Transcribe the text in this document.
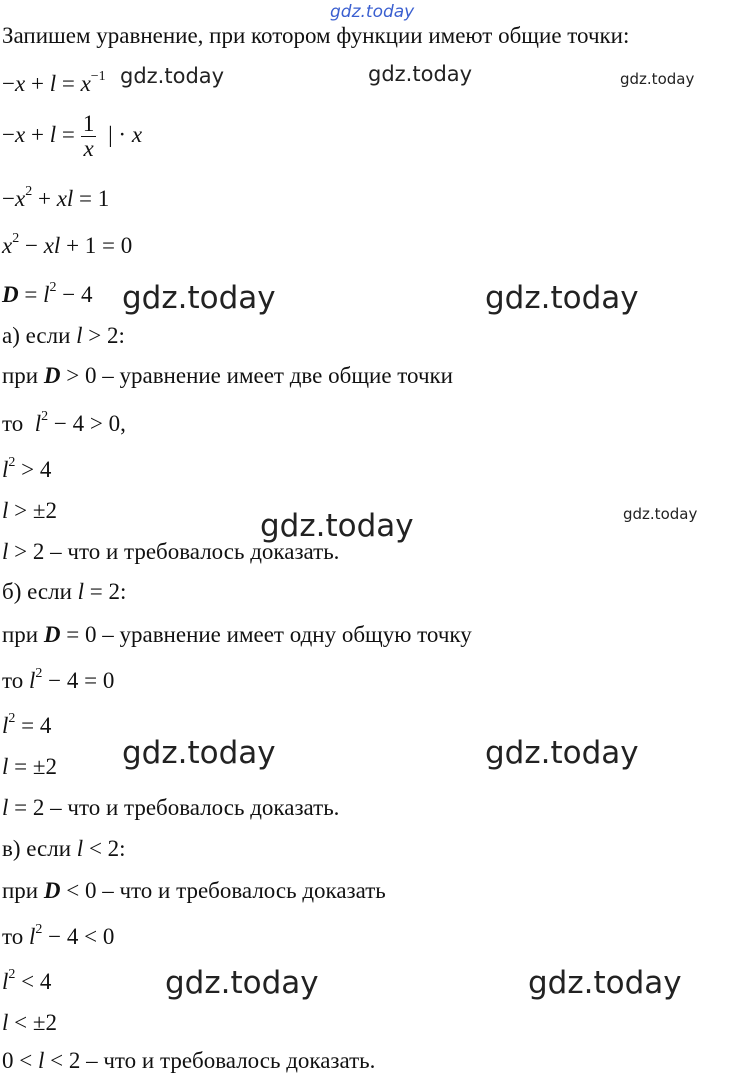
gdz.today
gdz.today	gdz.today	gdz.today
gdz.today	gdz.today
gdz.today	gdz.today
gdz.today	gdz.today
gdz.today	gdz.today
Запишем уравнение, при котором функции имеют общие точки:
$-x + l = x^{-1}$
$-x + l = \frac{1}{x}$ | · x
$-x^2$ + xl = 1
$x^2$ − xl + 1 = 0
$D = l^2 - 4$
а) если l > 2:
при D > 0 – уравнение имеет две общие точки
то $l^2 - 4 > 0$,
$l^2 > 4$
l > ±2
l > 2 – что и требовалось доказать.
б) если l = 2:
при D = 0 – уравнение имеет одну общую точку
то $l^2 - 4 = 0$
$l^2 = 4$
l = ±2
l = 2 – что и требовалось доказать.
в) если l < 2:
при D < 0 – что и требовалось доказать
то $l^2 - 4 < 0$
$l^2 < 4$
l < ±2
0 < l < 2 – что и требовалось доказать.
